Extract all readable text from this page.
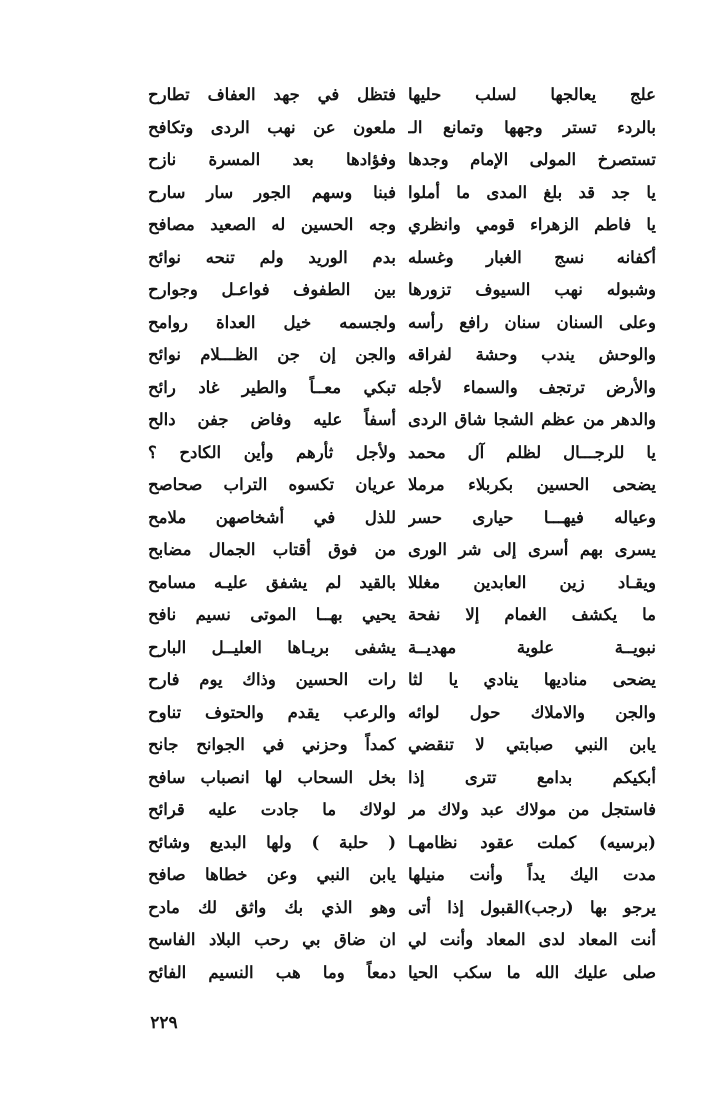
علج يعالجها لسلب حليها
بالردء تستر وجهها وتمانع الـ
تستصرخ المولى الإمام وجدها
يا جد قد بلغ المدى ما أملوا
يا فاطم الزهراء قومي وانظري
أكفانه نسج الغبار وغسله
وشبوله نهب السيوف تزورها
وعلى السنان سنان رافع رأسه
والوحش يندب وحشة لفراقه
والأرض ترتجف والسماء لأجله
والدهر من عظم الشجا شاق الردى
يا للرجـــال لظلم آل محمد
يضحى الحسين بكربلاء مرملا
وعياله فيهـــا حيارى حسر
يسرى بهم أسرى إلى شر الورى
ويقـاد زين العابدين مغللا
ما يكشف الغمام إلا نفحة
نبويــة علوية مهديــة
يضحى مناديها ينادي يا لثا
والجن والاملاك حول لوائه
يابن النبي صبابتي لا تنقضي
أبكيكم بدامع تترى إذا
فاستجل من مولاك عبد ولاك مر
(برسيه) كملت عقود نظامهـا
مدت اليك يداً وأنت منيلها
يرجو بها (رجب)القبول إذا أتى
أنت المعاد لدى المعاد وأنت لي
صلى عليك الله ما سكب الحيا
فتظل في جهد العفاف تطارح
ملعون عن نهب الردى وتكافح
وفؤادها بعد المسرة نازح
فبنا وسهم الجور سار سارح
وجه الحسين له الصعيد مصافح
بدم الوريد ولم تنحه نوائح
بين الطفوف فواعـل وجوارح
ولجسمه خيل العداة روامح
والجن إن جن الظـــلام نوائح
تبكي معــاً والطير غاد رائح
أسفاً عليه وفاض جفن دالح
ولأجل ثأرهم وأين الكادح ؟
عريان تكسوه التراب صحاصح
للذل في أشخاصهن ملامح
من فوق أقتاب الجمال مضابح
بالقيد لم يشفق عليـه مسامح
يحيي بهــا الموتى نسيم نافح
يشفى بريـاها العليــل البارح
رات الحسين وذاك يوم فارح
والرعب يقدم والحتوف تناوح
كمداً وحزني في الجوانح جانح
بخل السحاب لها انصباب سافح
لولاك ما جادت عليه قرائح
( حلبة ) ولها البديع وشائح
يابن النبي وعن خطاها صافح
وهو الذي بك واثق لك مادح
ان ضاق بي رحب البلاد الفاسح
دمعاً وما هب النسيم الفائح
٢٢٩
